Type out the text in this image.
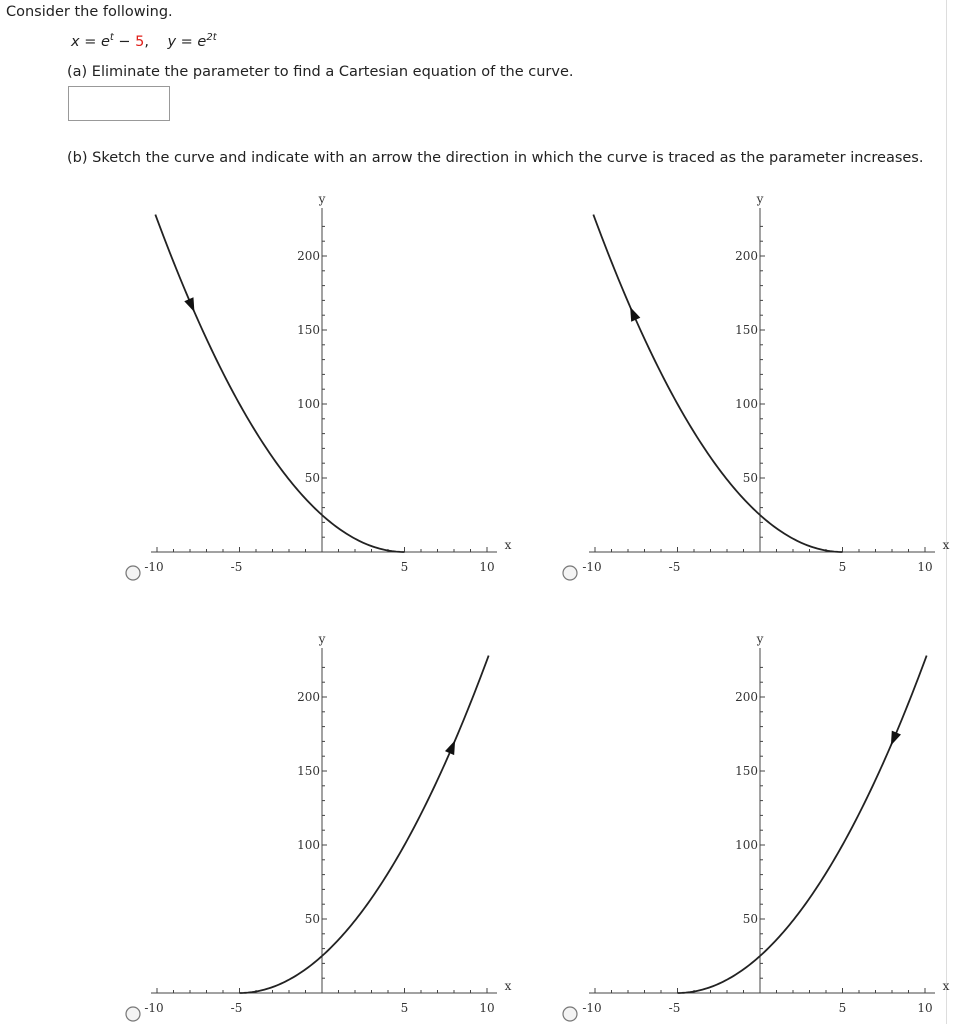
Consider the following.
$x = e^t - 5$,    $y = e^{2t}$
(a) Eliminate the parameter to find a Cartesian equation of the curve.
(b) Sketch the curve and indicate with an arrow the direction in which the curve is traced as the parameter increases.
-10	-5	5	10
50
100
150
200
x
y
-10	-5	5	10
50
100
150
200
x
y
-10	-5	5	10
50
100
150
200
x
y
-10	-5	5	10
50
100
150
200
x
y
